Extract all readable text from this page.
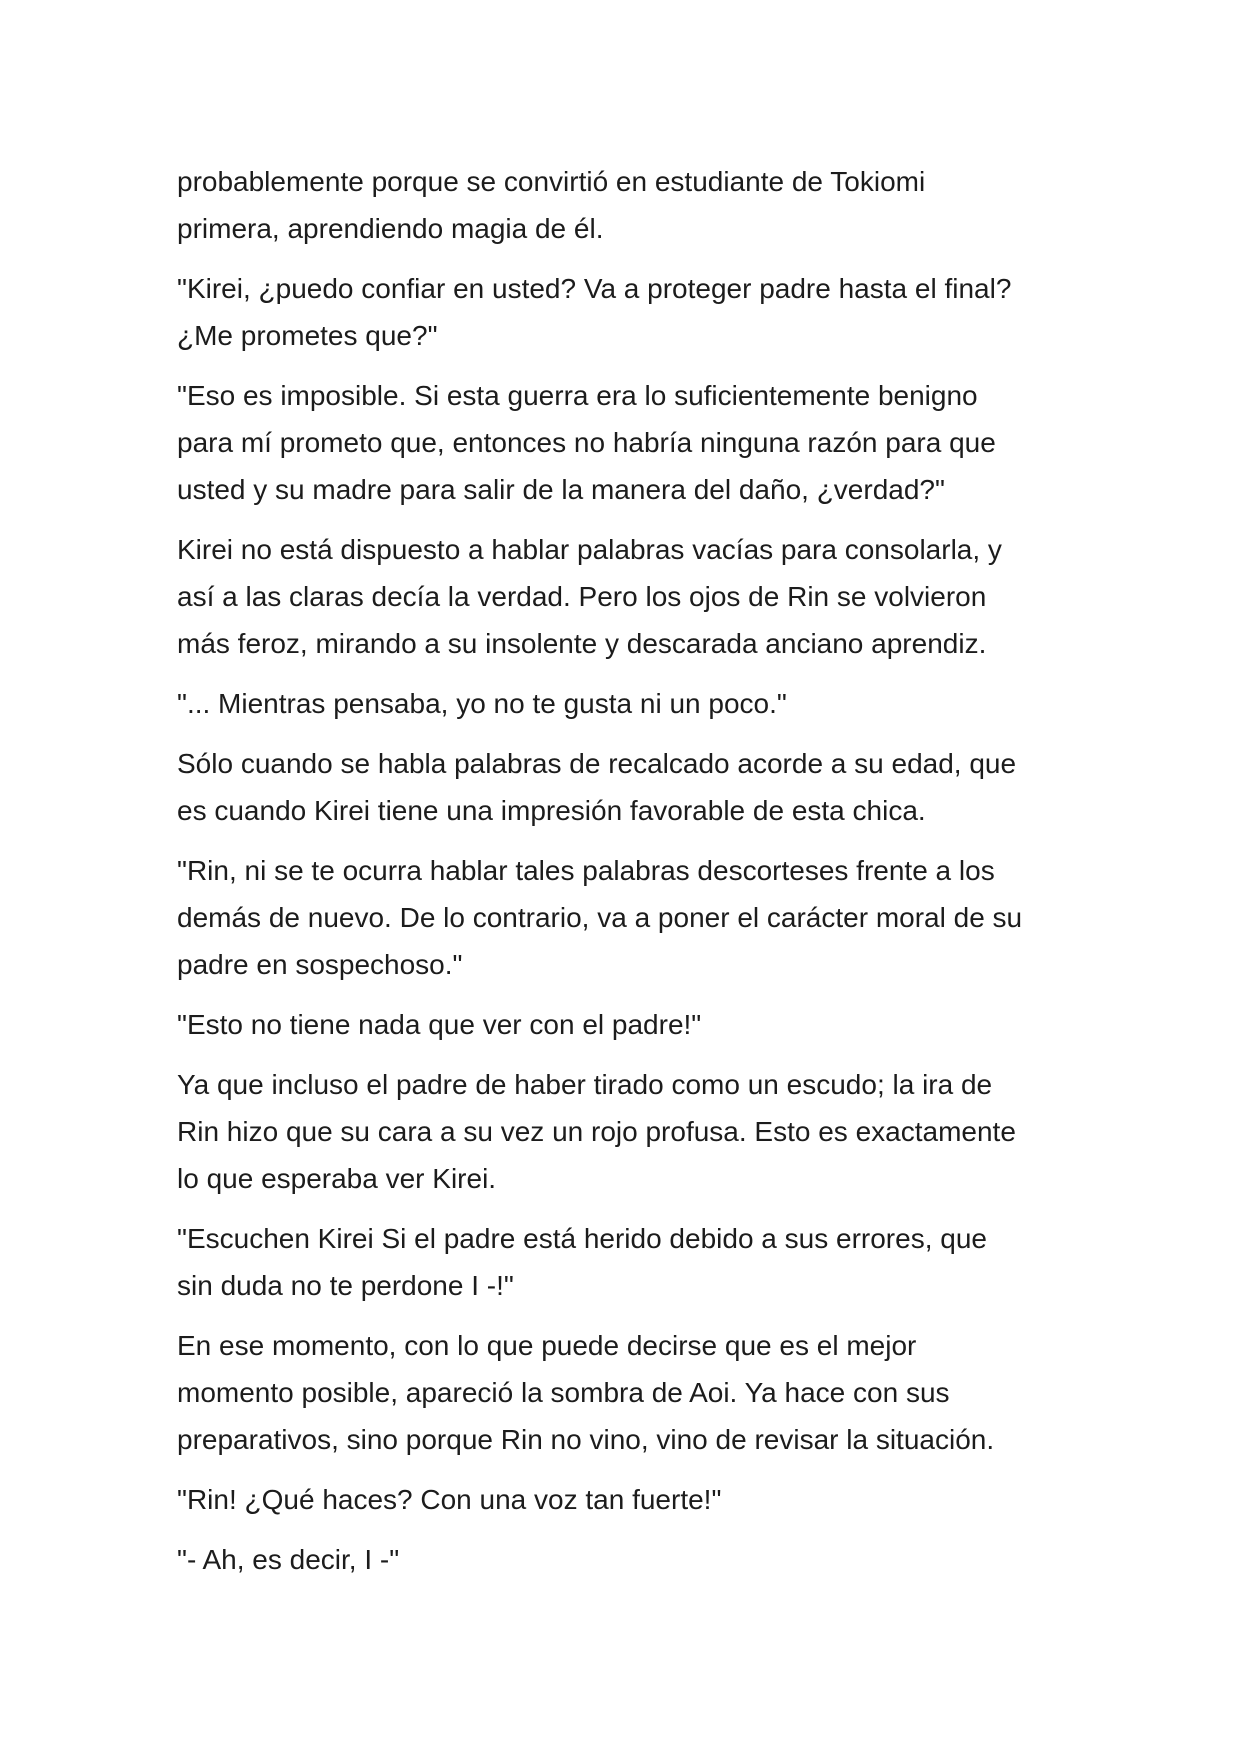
probablemente porque se convirtió en estudiante de Tokiomi
primera, aprendiendo magia de él.

"Kirei, ¿puedo confiar en usted? Va a proteger padre hasta el final?
¿Me prometes que?"

"Eso es imposible. Si esta guerra era lo suficientemente benigno
para mí prometo que, entonces no habría ninguna razón para que
usted y su madre para salir de la manera del daño, ¿verdad?"

Kirei no está dispuesto a hablar palabras vacías para consolarla, y
así a las claras decía la verdad. Pero los ojos de Rin se volvieron
más feroz, mirando a su insolente y descarada anciano aprendiz.

"... Mientras pensaba, yo no te gusta ni un poco."

Sólo cuando se habla palabras de recalcado acorde a su edad, que
es cuando Kirei tiene una impresión favorable de esta chica.

"Rin, ni se te ocurra hablar tales palabras descorteses frente a los
demás de nuevo. De lo contrario, va a poner el carácter moral de su
padre en sospechoso."

"Esto no tiene nada que ver con el padre!"

Ya que incluso el padre de haber tirado como un escudo; la ira de
Rin hizo que su cara a su vez un rojo profusa. Esto es exactamente
lo que esperaba ver Kirei.

"Escuchen Kirei Si el padre está herido debido a sus errores, que
sin duda no te perdone I -!"

En ese momento, con lo que puede decirse que es el mejor
momento posible, apareció la sombra de Aoi. Ya hace con sus
preparativos, sino porque Rin no vino, vino de revisar la situación.

"Rin! ¿Qué haces? Con una voz tan fuerte!"

"- Ah, es decir, I -"
